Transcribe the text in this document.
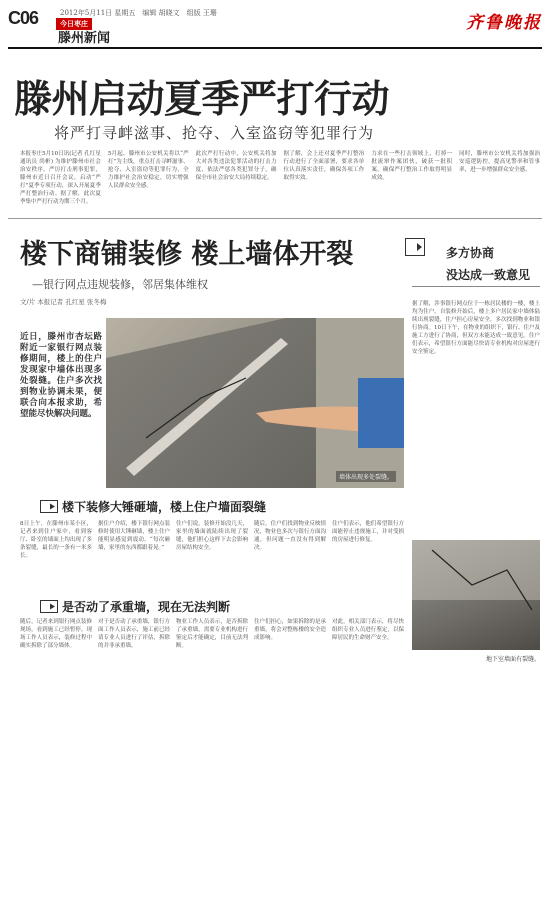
C06	2012年5月11日 星期五　编辑 胡晓文　组版 王珊
今日枣庄
滕州新闻
齐鲁晚报
滕州启动夏季严打行动
将严打寻衅滋事、抢夺、入室盗窃等犯罪行为
本报枣庄5月10日讯(记者 孔红星 通讯员 尚彬) 为维护滕州市社会治安秩序，严厉打击刑事犯罪，滕州市近日召开会议，启动“严打”夏季专项行动，深入开展夏季严打整治行动。据了解，此次夏季集中严打行动为期三个月。
5月起，滕州市公安机关将以“严打”为主线，重点打击寻衅滋事、抢夺、入室盗窃等犯罪行为，全力维护社会治安稳定，切实增强人民群众安全感。
此次严打行动中，公安机关将加大对各类违法犯罪活动的打击力度，依法严惩各类犯罪分子，确保全市社会治安大局持续稳定。
据了解，会上还对夏季严打整治行动进行了全面部署，要求各单位认真落实责任，确保各项工作取得实效。
力求在一些打击领域上，打掉一批流窜作案团伙，破获一批积案，确保严打整治工作取得明显成效。
同时，滕州市公安机关将加强治安巡逻防控，提高见警率和管事率，进一步增强群众安全感。
楼下商铺装修 楼上墙体开裂
—银行网点违规装修，邻居集体维权
文/片 本报记者 孔红星 张冬梅
多方协商
没达成一致意见
据了解，涉事银行网点位于一栋居民楼的一楼，楼上均为住户。自装修开始后，楼上多户居民家中墙体陆续出现裂缝，住户担心房屋安全，多次找到物业和银行协商。10日下午，在物业的组织下，银行、住户及施工方进行了协商，但双方未能达成一致意见。住户们表示，希望银行方面能尽快请专业机构对房屋进行安全鉴定。
近日，滕州市杏坛路附近一家银行网点装修期间，楼上的住户发现家中墙体出现多处裂缝。住户多次找到物业协调未果，便联合向本报求助，希望能尽快解决问题。
墙体出现多处裂缝。
楼下装修大锤砸墙，楼上住户墙面裂缝
8日上午，在滕州市某小区，记者来到住户家中，看到客厅、卧室的墙面上均出现了多条裂缝，最长的一条有一米多长。
据住户介绍，楼下银行网点装修时使用大锤砸墙，楼上住户能明显感觉到震动。“每次砸墙，家里的东西都跟着晃。”
住户们说，装修开始没几天，家里的墙面就陆续出现了裂缝，他们担心这样下去会影响房屋结构安全。
随后，住户们找到物业反映情况，物业也多次与银行方面沟通，但问题一直没有得到解决。
住户们表示，他们希望银行方面能停止违规施工，并对受损的房屋进行修复。
是否动了承重墙，现在无法判断
随后，记者来到银行网点装修现场，看到施工已经暂停。现场工作人员表示，装修过程中确实拆除了部分墙体。
对于是否动了承重墙，银行方面工作人员表示，施工前已经请专业人员进行了评估，拆除的并非承重墙。
物业工作人员表示，是否拆除了承重墙，需要专业机构进行鉴定后才能确定，目前无法判断。
住户们担心，如果拆除的是承重墙，将会对整栋楼的安全造成影响。
对此，相关部门表示，将尽快组织专业人员进行鉴定，以保障居民的生命财产安全。
地下室墙面有裂缝。
